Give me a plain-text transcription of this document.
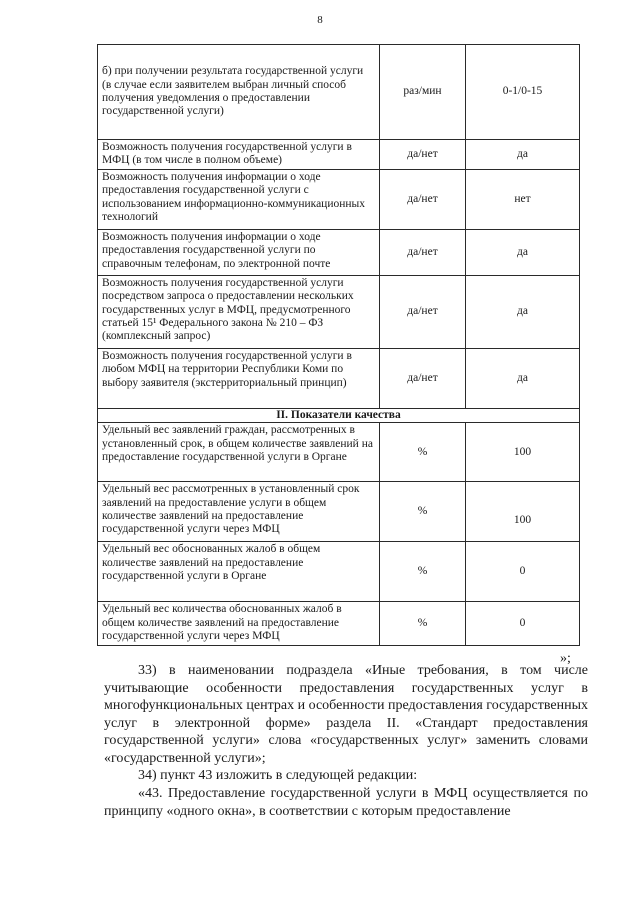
8
б) при получении результата государственной услуги (в случае если заявителем выбран личный способ получения уведомления о предоставлении государственной услуги)	раз/мин	0-1/0-15
Возможность получения государственной услуги в МФЦ (в том числе в полном объеме)	да/нет	да
Возможность получения информации о ходе предоставления государственной услуги с использованием информационно-коммуникационных технологий	да/нет	нет
Возможность получения информации о ходе предоставления государственной услуги по справочным телефонам, по электронной почте	да/нет	да
Возможность получения государственной услуги посредством запроса о предоставлении нескольких государственных услуг в МФЦ, предусмотренного статьей 15¹ Федерального закона № 210 – ФЗ (комплексный запрос)	да/нет	да
Возможность получения государственной услуги в любом МФЦ на территории Республики Коми по выбору заявителя (экстерриториальный принцип)	да/нет	да
II. Показатели качества		
Удельный вес заявлений граждан, рассмотренных в установленный срок, в общем количестве заявлений на предоставление государственной услуги в Органе	%	100
Удельный вес рассмотренных в установленный срок заявлений на предоставление услуги в общем количестве заявлений на предоставление государственной услуги через МФЦ	%	100
Удельный вес обоснованных жалоб в общем количестве заявлений на предоставление государственной услуги в Органе	%	0
Удельный вес количества обоснованных жалоб в общем количестве заявлений на предоставление государственной услуги через МФЦ	%	0
»;

33) в наименовании подраздела «Иные требования, в том числе учитывающие особенности предоставления государственных услуг в многофункциональных центрах и особенности предоставления государственных услуг в электронной форме» раздела II. «Стандарт предоставления государственной услуги» слова «государственных услуг» заменить словами «государственной услуги»;

34) пункт 43 изложить в следующей редакции:

«43. Предоставление государственной услуги в МФЦ осуществляется по принципу «одного окна», в соответствии с которым предоставление
